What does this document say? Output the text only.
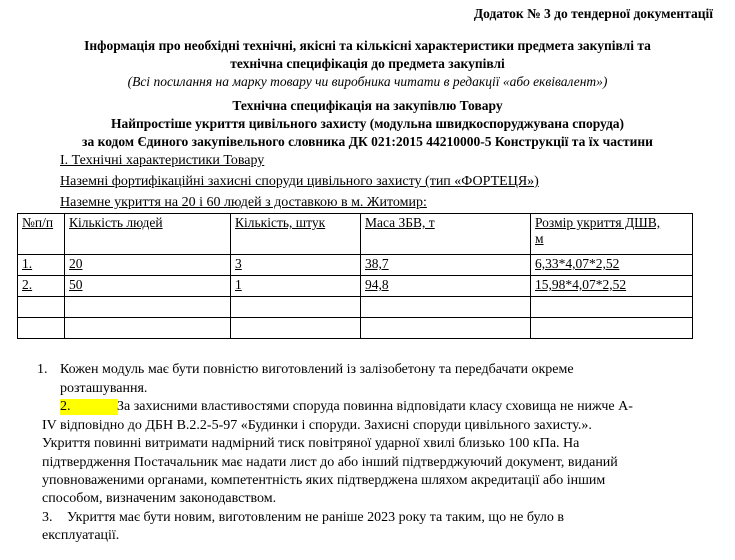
Додаток № 3 до тендерної документації
Інформація про необхідні технічні, якісні та кількісні характеристики предмета закупівлі та
технічна специфікація до предмета закупівлі
(Всі посилання на марку товару чи виробника читати в редакції «або еквівалент»)
Технічна специфікація на закупівлю Товару
Найпростіше укриття цивільного захисту (модульна швидкоспоруджувана споруда)
за кодом Єдиного закупівельного словника ДК 021:2015 44210000-5 Конструкції та їх частини
І. Технічні характеристики Товару
Наземні фортифікаційні захисні споруди цивільного захисту (тип «ФОРТЕЦЯ»)
Наземне укриття на 20 і 60 людей з доставкою в м. Житомир:
№п/п	Кількість людей	Кількість, штук	Маса ЗБВ, т	Розмір укриття ДШВ,
м

1.	20	3	38,7	6,33*4,07*2,52
2.	50	1	94,8	15,98*4,07*2,52

1. Кожен модуль має бути повністю виготовлений із залізобетону та передбачати окреме
розташування.
2.	За захисними властивостями споруда повинна відповідати класу сховища не нижче А-
IV відповідно до ДБН В.2.2-5-97 «Будинки і споруди. Захисні споруди цивільного захисту.».
Укриття повинні витримати надмірний тиск повітряної ударної хвилі близько 100 кПа. На
підтвердження Постачальник має надати лист до або інший підтверджуючий документ, виданий
уповноваженими органами, компетентність яких підтверджена шляхом акредитації або іншим
способом, визначеним законодавством.
3. Укриття має бути новим, виготовленим не раніше 2023 року та таким, що не було в
експлуатації.
